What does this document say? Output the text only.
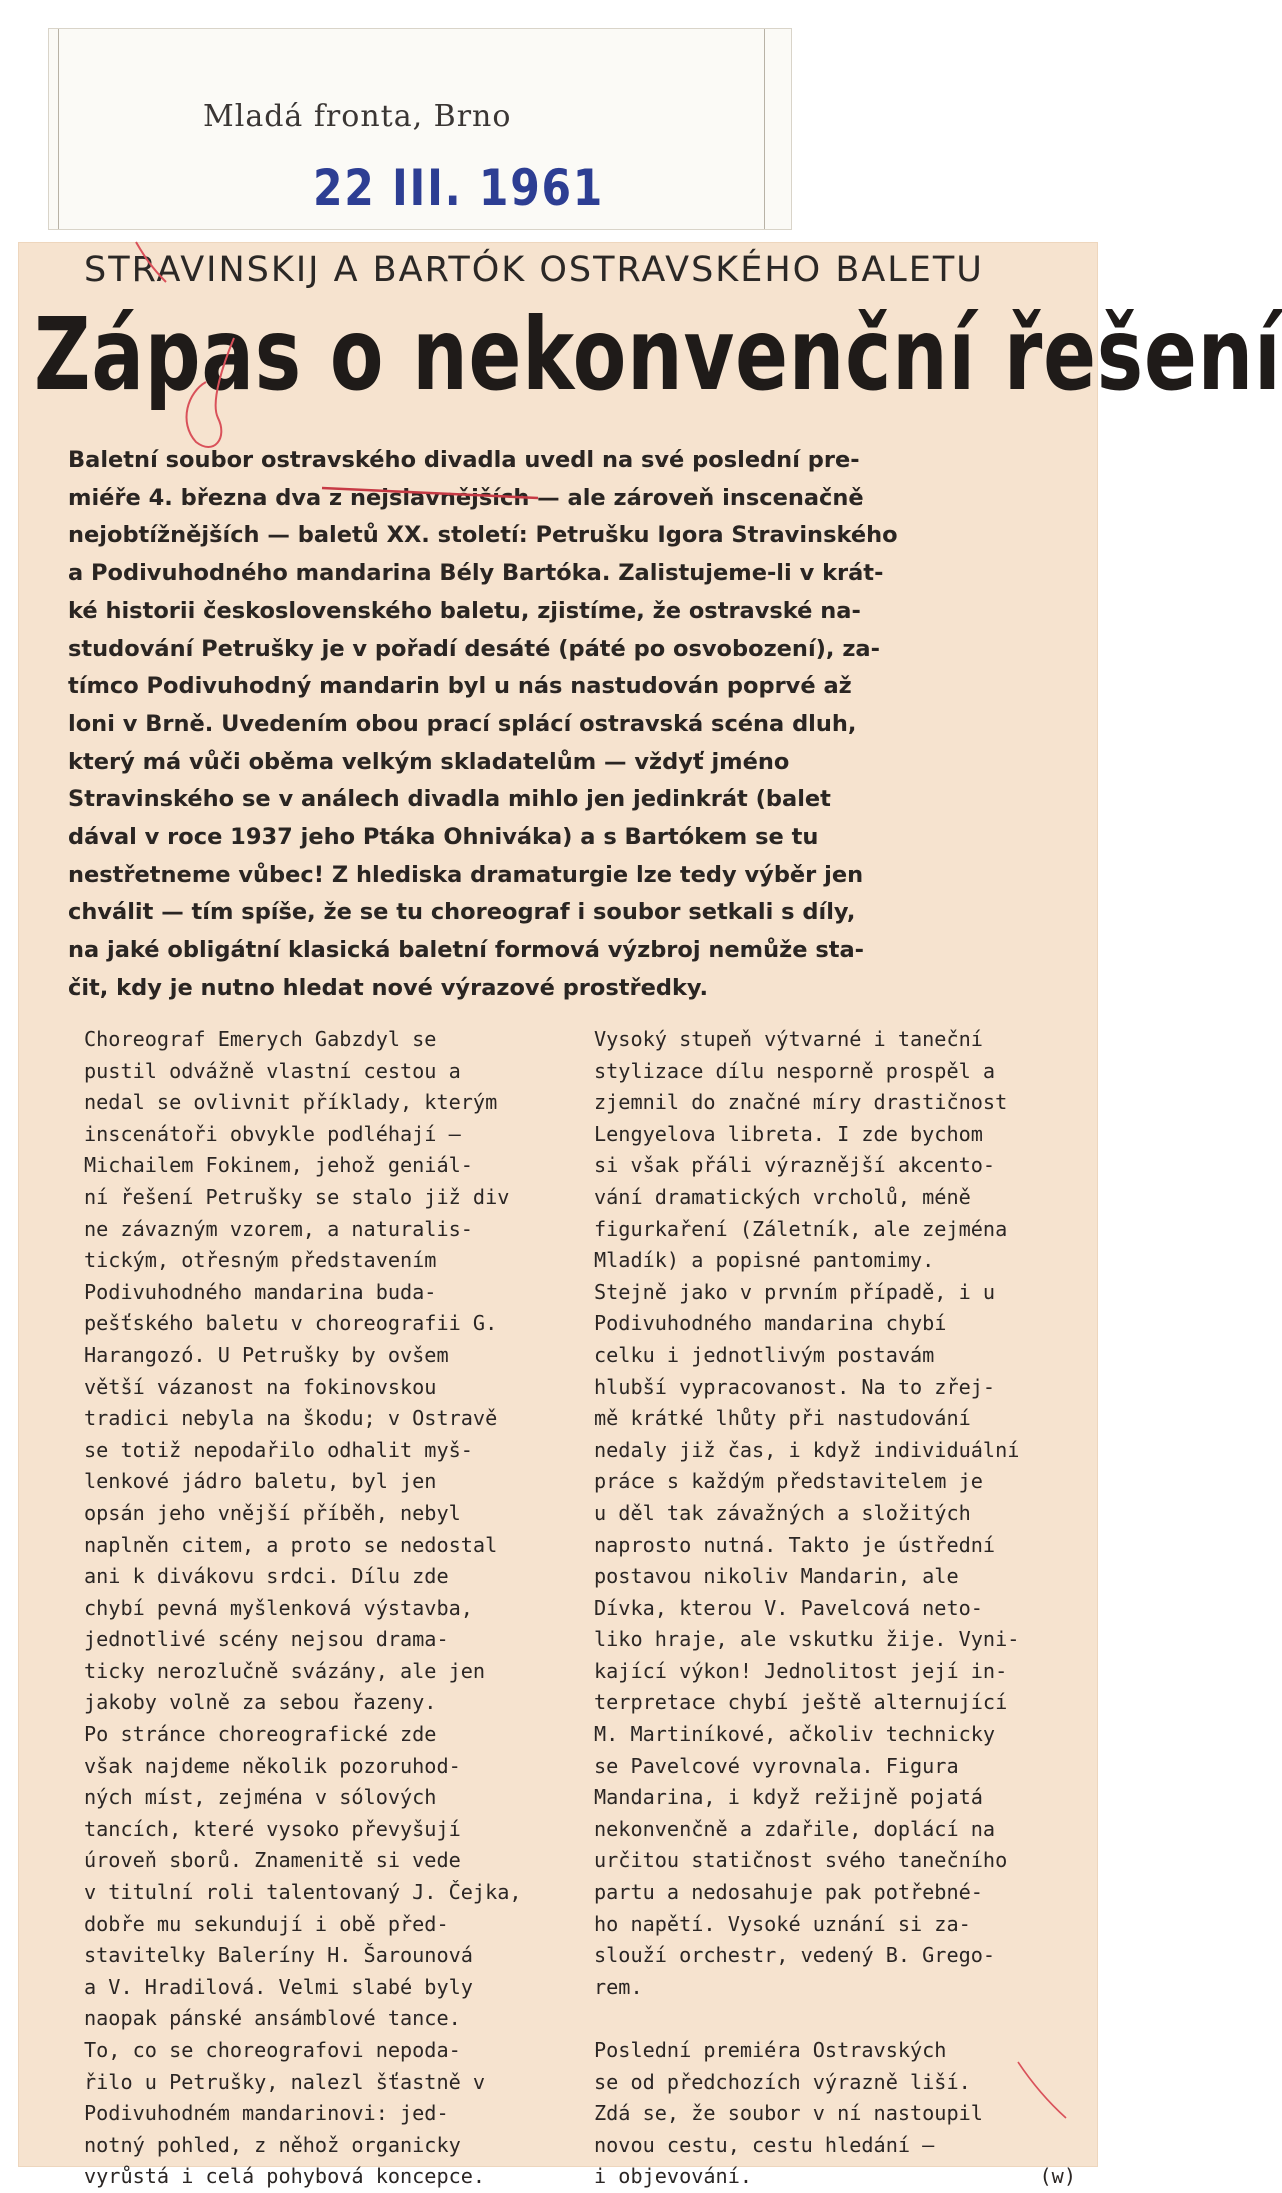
Mladá fronta, Brno
22 III. 1961
STRAVINSKIJ A BARTÓK OSTRAVSKÉHO BALETU
Zápas o nekonvenční řešení
Baletní soubor ostravského divadla uvedl na své poslední pre-
miéře 4. března dva z nejslavnějších — ale zároveň inscenačně
nejobtížnějších — baletů XX. století: Petrušku Igora Stravinského
a Podivuhodného mandarina Bély Bartóka. Zalistujeme-li v krát-
ké historii československého baletu, zjistíme, že ostravské na-
studování Petrušky je v pořadí desáté (páté po osvobození), za-
tímco Podivuhodný mandarin byl u nás nastudován poprvé až
loni v Brně. Uvedením obou prací splácí ostravská scéna dluh,
který má vůči oběma velkým skladatelům — vždyť jméno
Stravinského se v análech divadla mihlo jen jedinkrát (balet
dával v roce 1937 jeho Ptáka Ohniváka) a s Bartókem se tu
nestřetneme vůbec! Z hlediska dramaturgie lze tedy výběr jen
chválit — tím spíše, že se tu choreograf i soubor setkali s díly,
na jaké obligátní klasická baletní formová výzbroj nemůže sta-
čit, kdy je nutno hledat nové výrazové prostředky.
Choreograf Emerych Gabzdyl se
pustil odvážně vlastní cestou a
nedal se ovlivnit příklady, kterým
inscenátoři obvykle podléhají —
Michailem Fokinem, jehož geniál-
ní řešení Petrušky se stalo již div
ne závazným vzorem, a naturalis-
tickým, otřesným představením
Podivuhodného mandarina buda-
pešťského baletu v choreografii G.
Harangozó. U Petrušky by ovšem
větší vázanost na fokinovskou
tradici nebyla na škodu; v Ostravě
se totiž nepodařilo odhalit myš-
lenkové jádro baletu, byl jen
opsán jeho vnější příběh, nebyl
naplněn citem, a proto se nedostal
ani k divákovu srdci. Dílu zde
chybí pevná myšlenková výstavba,
jednotlivé scény nejsou drama-
ticky nerozlučně svázány, ale jen
jakoby volně za sebou řazeny.
Po stránce choreografické zde
však najdeme několik pozoruhod-
ných míst, zejména v sólových
tancích, které vysoko převyšují
úroveň sborů. Znamenitě si vede
v titulní roli talentovaný J. Čejka,
dobře mu sekundují i obě před-
stavitelky Baleríny H. Šarounová
a V. Hradilová. Velmi slabé byly
naopak pánské ansámblové tance.
To, co se choreografovi nepoda-
řilo u Petrušky, nalezl šťastně v
Podivuhodném mandarinovi: jed-
notný pohled, z něhož organicky
vyrůstá i celá pohybová koncepce.
Vysoký stupeň výtvarné i taneční
stylizace dílu nesporně prospěl a
zjemnil do značné míry drastičnost
Lengyelova libreta. I zde bychom
si však přáli výraznější akcento-
vání dramatických vrcholů, méně
figurkaření (Záletník, ale zejména
Mladík) a popisné pantomimy.
Stejně jako v prvním případě, i u
Podivuhodného mandarina chybí
celku i jednotlivým postavám
hlubší vypracovanost. Na to zřej-
mě krátké lhůty při nastudování
nedaly již čas, i když individuální
práce s každým představitelem je
u děl tak závažných a složitých
naprosto nutná. Takto je ústřední
postavou nikoliv Mandarin, ale
Dívka, kterou V. Pavelcová neto-
liko hraje, ale vskutku žije. Vyni-
kající výkon! Jednolitost její in-
terpretace chybí ještě alternující
M. Martiníkové, ačkoliv technicky
se Pavelcové vyrovnala. Figura
Mandarina, i když režijně pojatá
nekonvenčně a zdařile, doplácí na
určitou statičnost svého tanečního
partu a nedosahuje pak potřebné-
ho napětí. Vysoké uznání si za-
slouží orchestr, vedený B. Grego-
rem.

Poslední premiéra Ostravských
se od předchozích výrazně liší.
Zdá se, že soubor v ní nastoupil
novou cestu, cestu hledání —
i objevování.	(w)
